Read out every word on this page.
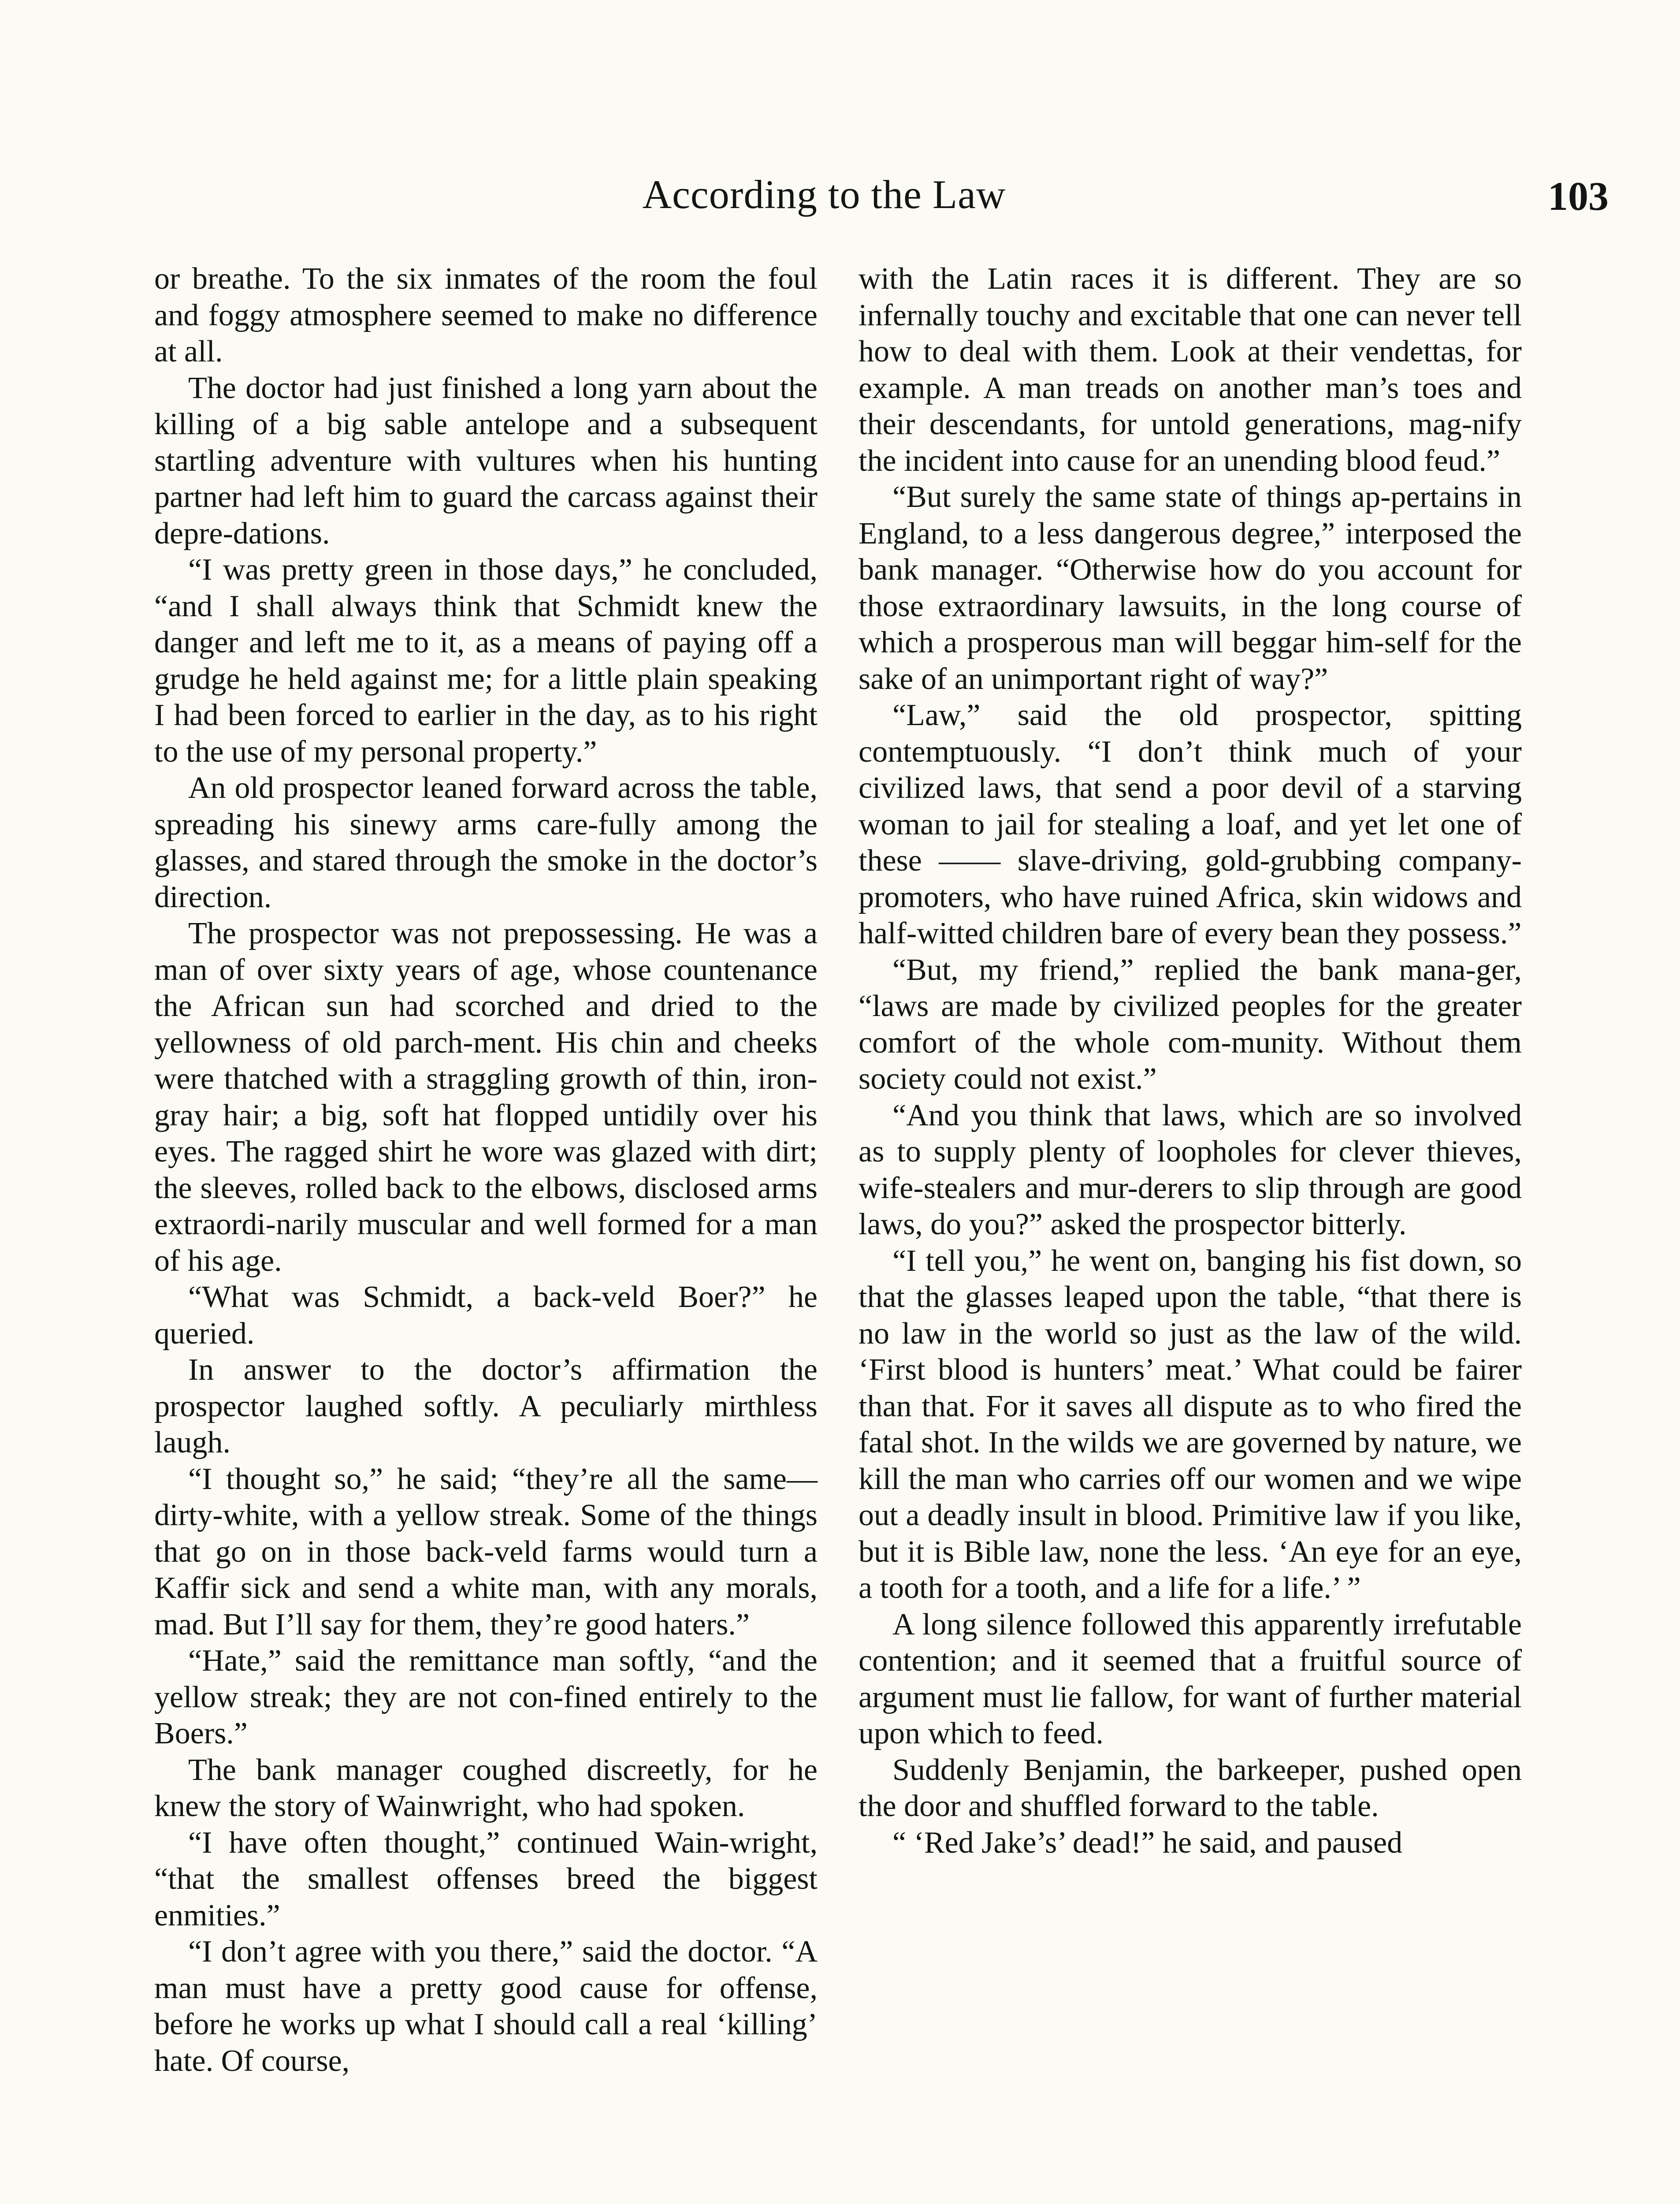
According to the Law	103

or breathe. To the six inmates of the room the foul and foggy atmosphere seemed to make no difference at all.

The doctor had just finished a long yarn about the killing of a big sable antelope and a subsequent startling adventure with vultures when his hunting partner had left him to guard the carcass against their depre-dations.

“I was pretty green in those days,” he concluded, “and I shall always think that Schmidt knew the danger and left me to it, as a means of paying off a grudge he held against me; for a little plain speaking I had been forced to earlier in the day, as to his right to the use of my personal property.”

An old prospector leaned forward across the table, spreading his sinewy arms care-fully among the glasses, and stared through the smoke in the doctor’s direction.

The prospector was not prepossessing. He was a man of over sixty years of age, whose countenance the African sun had scorched and dried to the yellowness of old parch-ment. His chin and cheeks were thatched with a straggling growth of thin, iron-gray hair; a big, soft hat flopped untidily over his eyes. The ragged shirt he wore was glazed with dirt; the sleeves, rolled back to the elbows, disclosed arms extraordi-narily muscular and well formed for a man of his age.

“What was Schmidt, a back-veld Boer?” he queried.

In answer to the doctor’s affirmation the prospector laughed softly. A peculiarly mirthless laugh.

“I thought so,” he said; “they’re all the same—dirty-white, with a yellow streak. Some of the things that go on in those back-veld farms would turn a Kaffir sick and send a white man, with any morals, mad. But I’ll say for them, they’re good haters.”

“Hate,” said the remittance man softly, “and the yellow streak; they are not con-fined entirely to the Boers.”

The bank manager coughed discreetly, for he knew the story of Wainwright, who had spoken.

“I have often thought,” continued Wain-wright, “that the smallest offenses breed the biggest enmities.”

“I don’t agree with you there,” said the doctor. “A man must have a pretty good cause for offense, before he works up what I should call a real ‘killing’ hate. Of course,

with the Latin races it is different. They are so infernally touchy and excitable that one can never tell how to deal with them. Look at their vendettas, for example. A man treads on another man’s toes and their descendants, for untold generations, mag-nify the incident into cause for an unending blood feud.”

“But surely the same state of things ap-pertains in England, to a less dangerous degree,” interposed the bank manager. “Otherwise how do you account for those extraordinary lawsuits, in the long course of which a prosperous man will beggar him-self for the sake of an unimportant right of way?”

“Law,” said the old prospector, spitting contemptuously. “I don’t think much of your civilized laws, that send a poor devil of a starving woman to jail for stealing a loaf, and yet let one of these —— slave-driving, gold-grubbing company-promoters, who have ruined Africa, skin widows and half-witted children bare of every bean they possess.”

“But, my friend,” replied the bank mana-ger, “laws are made by civilized peoples for the greater comfort of the whole com-munity. Without them society could not exist.”

“And you think that laws, which are so involved as to supply plenty of loopholes for clever thieves, wife-stealers and mur-derers to slip through are good laws, do you?” asked the prospector bitterly.

“I tell you,” he went on, banging his fist down, so that the glasses leaped upon the table, “that there is no law in the world so just as the law of the wild. ‘First blood is hunters’ meat.’ What could be fairer than that. For it saves all dispute as to who fired the fatal shot. In the wilds we are governed by nature, we kill the man who carries off our women and we wipe out a deadly insult in blood. Primitive law if you like, but it is Bible law, none the less. ‘An eye for an eye, a tooth for a tooth, and a life for a life.’ ”

A long silence followed this apparently irrefutable contention; and it seemed that a fruitful source of argument must lie fallow, for want of further material upon which to feed.

Suddenly Benjamin, the barkeeper, pushed open the door and shuffled forward to the table.

“ ‘Red Jake’s’ dead!” he said, and paused
